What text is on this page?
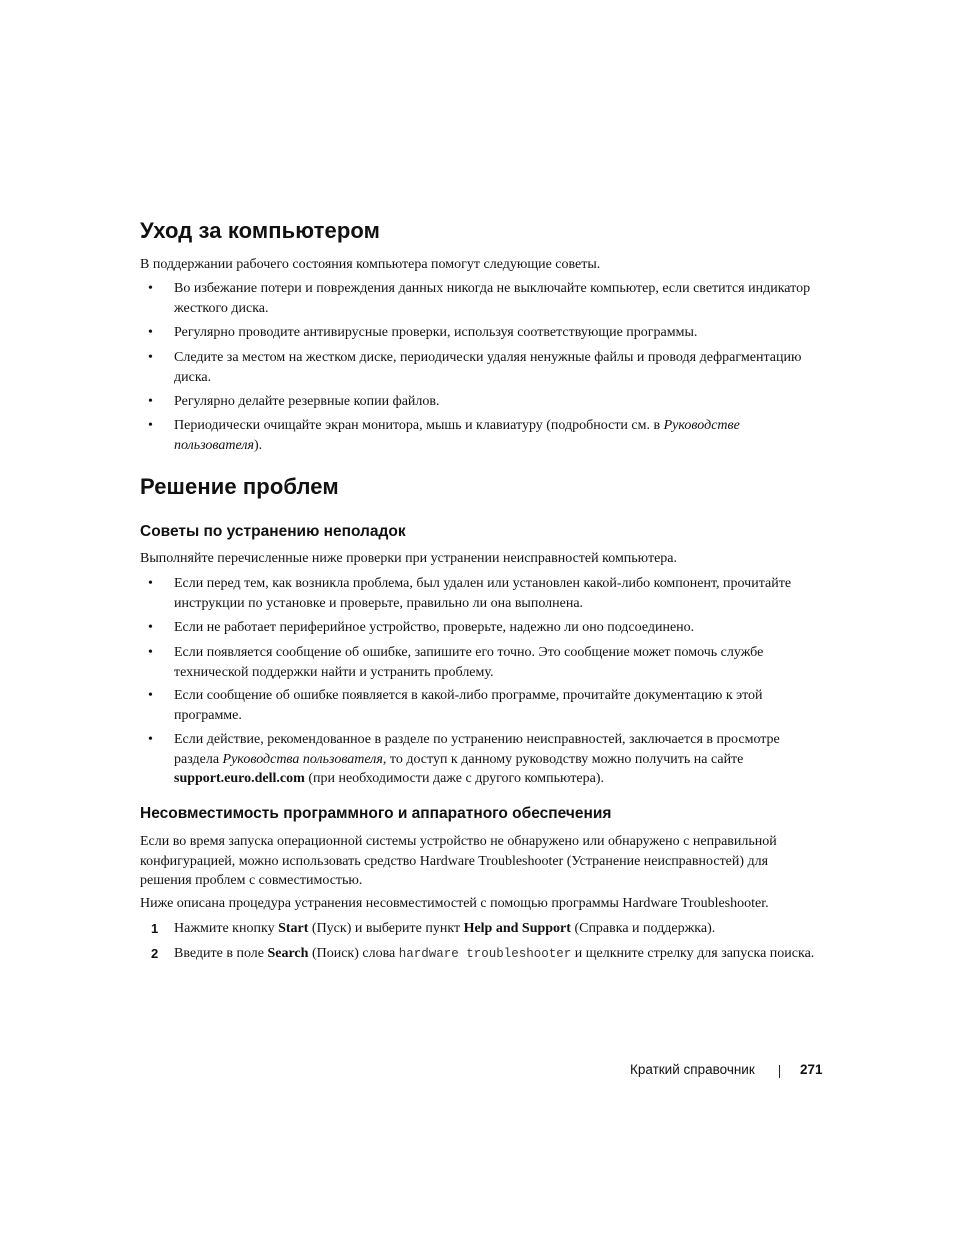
Уход за компьютером
В поддержании рабочего состояния компьютера помогут следующие советы.
•	Во избежание потери и повреждения данных никогда не выключайте компьютер, если светится индикатор жесткого диска.
•	Регулярно проводите антивирусные проверки, используя соответствующие программы.
•	Следите за местом на жестком диске, периодически удаляя ненужные файлы и проводя дефрагментацию диска.
•	Регулярно делайте резервные копии файлов.
•	Периодически очищайте экран монитора, мышь и клавиатуру (подробности см. в Руководстве пользователя).
Решение проблем
Советы по устранению неполадок
Выполняйте перечисленные ниже проверки при устранении неисправностей компьютера.
•	Если перед тем, как возникла проблема, был удален или установлен какой-либо компонент, прочитайте инструкции по установке и проверьте, правильно ли она выполнена.
•	Если не работает периферийное устройство, проверьте, надежно ли оно подсоединено.
•	Если появляется сообщение об ошибке, запишите его точно. Это сообщение может помочь службе технической поддержки найти и устранить проблему.
•	Если сообщение об ошибке появляется в какой-либо программе, прочитайте документацию к этой программе.
•	Если действие, рекомендованное в разделе по устранению неисправностей, заключается в просмотре раздела Руководства пользователя, то доступ к данному руководству можно получить на сайте support.euro.dell.com (при необходимости даже с другого компьютера).
Несовместимость программного и аппаратного обеспечения
Если во время запуска операционной системы устройство не обнаружено или обнаружено с неправильной конфигурацией, можно использовать средство Hardware Troubleshooter (Устранение неисправностей) для решения проблем с совместимостью.
Ниже описана процедура устранения несовместимостей с помощью программы Hardware Troubleshooter.
1	Нажмите кнопку Start (Пуск) и выберите пункт Help and Support (Справка и поддержка).
2	Введите в поле Search (Поиск) слова hardware troubleshooter и щелкните стрелку для запуска поиска.
Краткий справочник	271
